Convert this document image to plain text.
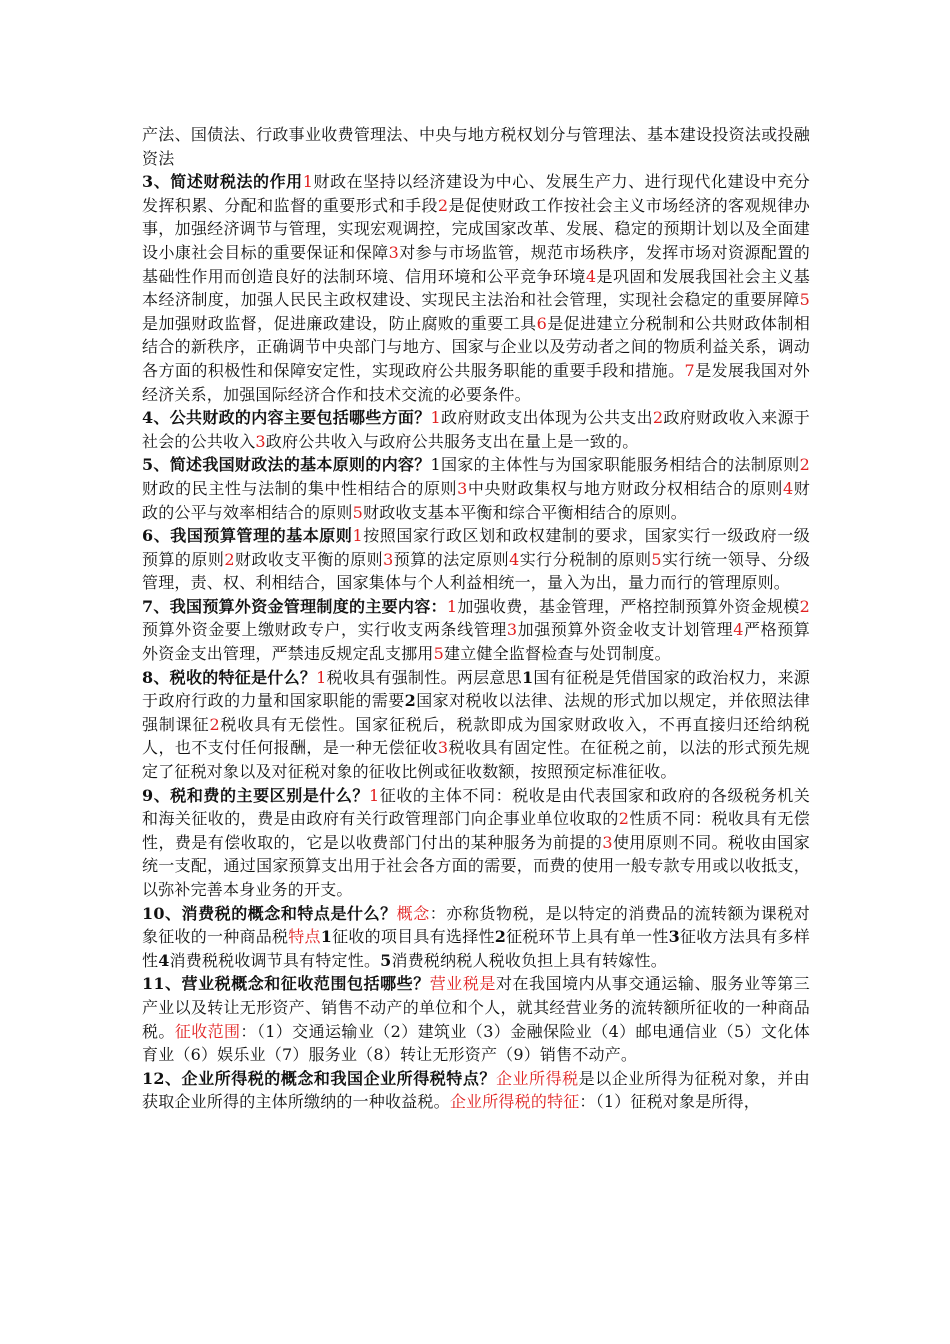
产法、国债法、行政事业收费管理法、中央与地方税权划分与管理法、基本建设投资法或投融资法

3、简述财税法的作用1财政在坚持以经济建设为中心、发展生产力、进行现代化建设中充分发挥积累、分配和监督的重要形式和手段2是促使财政工作按社会主义市场经济的客观规律办事，加强经济调节与管理，实现宏观调控，完成国家改革、发展、稳定的预期计划以及全面建设小康社会目标的重要保证和保障3对参与市场监管，规范市场秩序，发挥市场对资源配置的基础性作用而创造良好的法制环境、信用环境和公平竞争环境4是巩固和发展我国社会主义基本经济制度，加强人民民主政权建设、实现民主法治和社会管理，实现社会稳定的重要屏障5是加强财政监督，促进廉政建设，防止腐败的重要工具6是促进建立分税制和公共财政体制相结合的新秩序，正确调节中央部门与地方、国家与企业以及劳动者之间的物质利益关系，调动各方面的积极性和保障安定性，实现政府公共服务职能的重要手段和措施。7是发展我国对外经济关系，加强国际经济合作和技术交流的必要条件。

4、公共财政的内容主要包括哪些方面？1政府财政支出体现为公共支出2政府财政收入来源于社会的公共收入3政府公共收入与政府公共服务支出在量上是一致的。

5、简述我国财政法的基本原则的内容？1国家的主体性与为国家职能服务相结合的法制原则2财政的民主性与法制的集中性相结合的原则3中央财政集权与地方财政分权相结合的原则4财政的公平与效率相结合的原则5财政收支基本平衡和综合平衡相结合的原则。

6、我国预算管理的基本原则1按照国家行政区划和政权建制的要求，国家实行一级政府一级预算的原则2财政收支平衡的原则3预算的法定原则4实行分税制的原则5实行统一领导、分级管理，责、权、利相结合，国家集体与个人利益相统一，量入为出，量力而行的管理原则。

7、我国预算外资金管理制度的主要内容：1加强收费，基金管理，严格控制预算外资金规模2预算外资金要上缴财政专户，实行收支两条线管理3加强预算外资金收支计划管理4严格预算外资金支出管理，严禁违反规定乱支挪用5建立健全监督检查与处罚制度。

8、税收的特征是什么？1税收具有强制性。两层意思1国有征税是凭借国家的政治权力，来源于政府行政的力量和国家职能的需要2国家对税收以法律、法规的形式加以规定，并依照法律强制课征2税收具有无偿性。国家征税后，税款即成为国家财政收入，不再直接归还给纳税人，也不支付任何报酬，是一种无偿征收3税收具有固定性。在征税之前，以法的形式预先规定了征税对象以及对征税对象的征收比例或征收数额，按照预定标准征收。

9、税和费的主要区别是什么？1征收的主体不同：税收是由代表国家和政府的各级税务机关和海关征收的，费是由政府有关行政管理部门向企事业单位收取的2性质不同：税收具有无偿性，费是有偿收取的，它是以收费部门付出的某种服务为前提的3使用原则不同。税收由国家统一支配，通过国家预算支出用于社会各方面的需要，而费的使用一般专款专用或以收抵支，以弥补完善本身业务的开支。

10、消费税的概念和特点是什么？概念：亦称货物税，是以特定的消费品的流转额为课税对象征收的一种商品税特点1征收的项目具有选择性2征税环节上具有单一性3征收方法具有多样性4消费税税收调节具有特定性。5消费税纳税人税收负担上具有转嫁性。

11、营业税概念和征收范围包括哪些？营业税是对在我国境内从事交通运输、服务业等第三产业以及转让无形资产、销售不动产的单位和个人，就其经营业务的流转额所征收的一种商品税。征收范围：（1）交通运输业（2）建筑业（3）金融保险业（4）邮电通信业（5）文化体育业（6）娱乐业（7）服务业（8）转让无形资产（9）销售不动产。

12、企业所得税的概念和我国企业所得税特点？企业所得税是以企业所得为征税对象，并由获取企业所得的主体所缴纳的一种收益税。企业所得税的特征：（1）征税对象是所得，
